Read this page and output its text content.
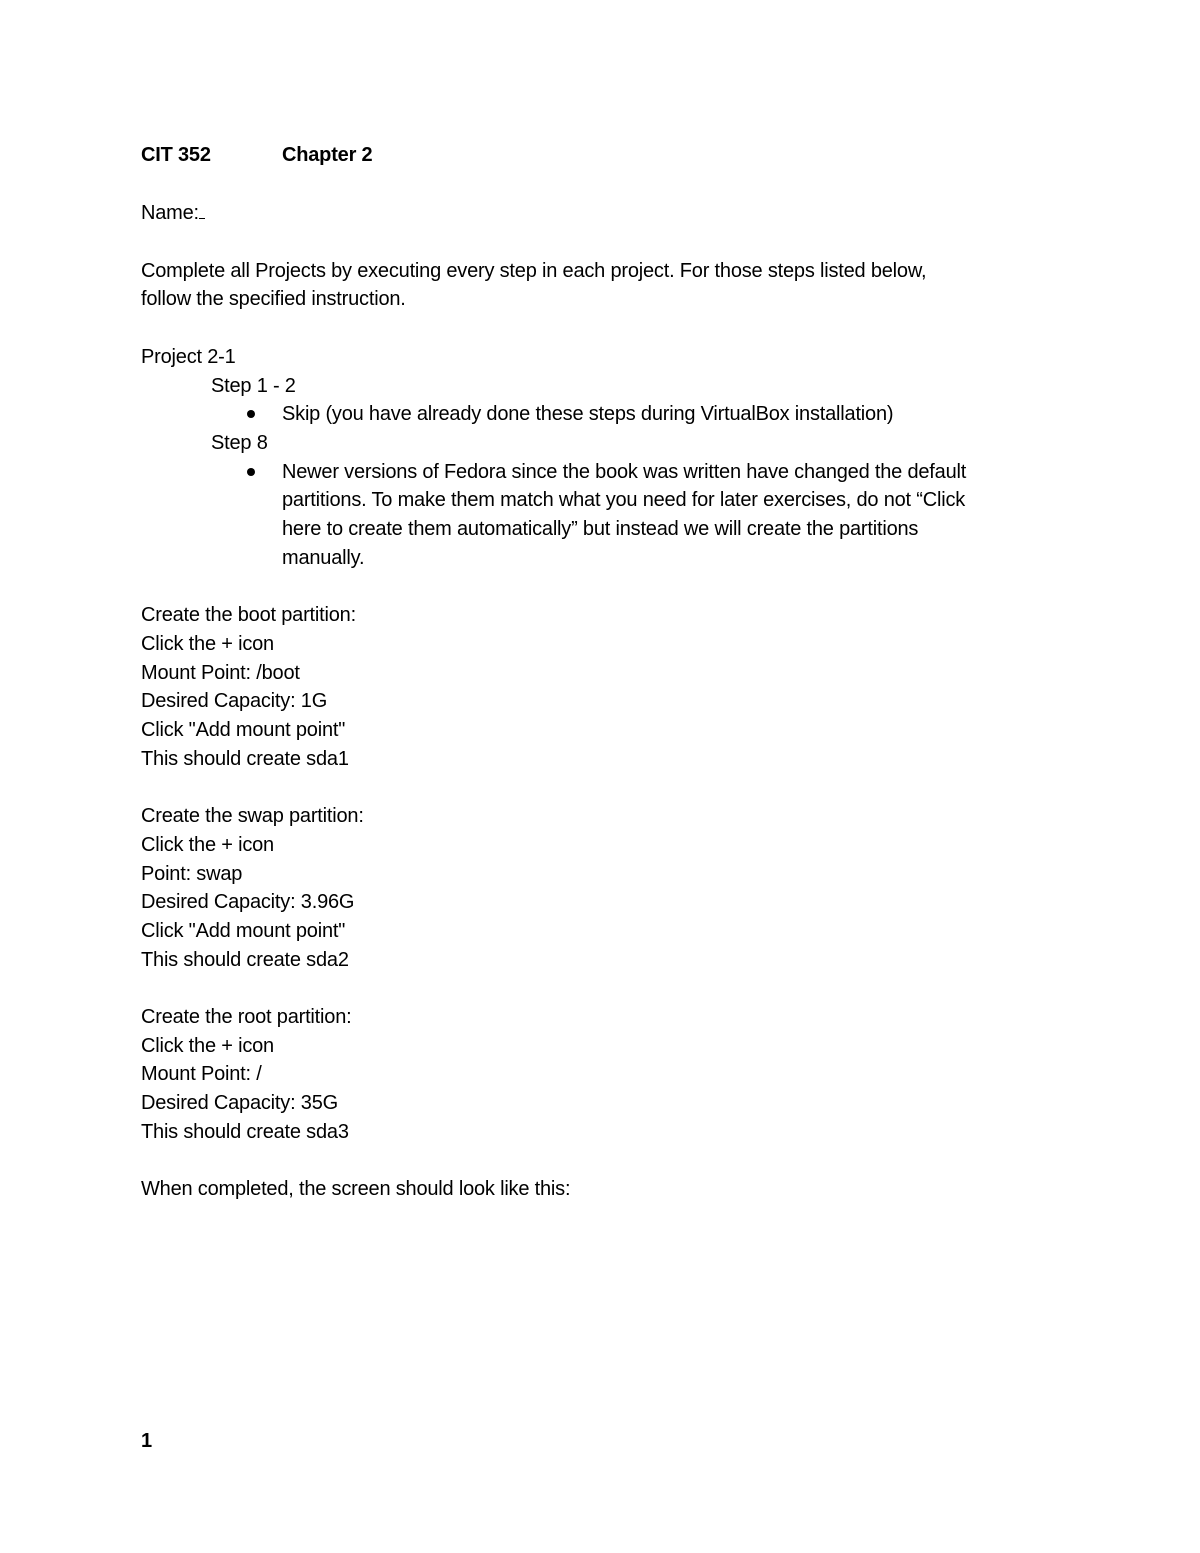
CIT 352	Chapter 2
Name:
Complete all Projects by executing every step in each project. For those steps listed below,
follow the specified instruction.
Project 2-1
Step 1 - 2
Skip (you have already done these steps during VirtualBox installation)
Step 8
Newer versions of Fedora since the book was written have changed the default
partitions. To make them match what you need for later exercises, do not “Click
here to create them automatically” but instead we will create the partitions
manually.
Create the boot partition:
Click the + icon
Mount Point: /boot
Desired Capacity: 1G
Click "Add mount point"
This should create sda1
Create the swap partition:
Click the + icon
Point: swap
Desired Capacity: 3.96G
Click "Add mount point"
This should create sda2
Create the root partition:
Click the + icon
Mount Point: /
Desired Capacity: 35G
This should create sda3
When completed, the screen should look like this:
1
